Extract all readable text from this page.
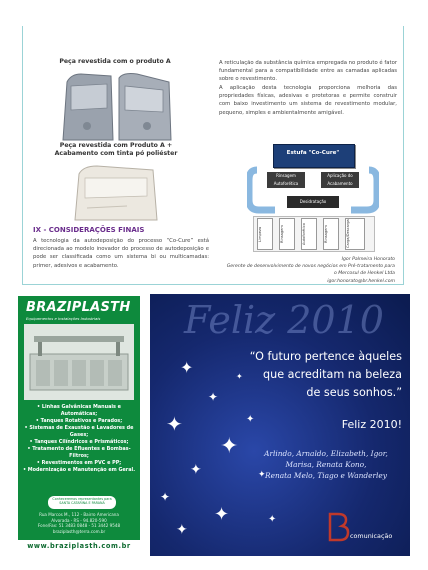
Peça revestida com o produto A
Peça revestida com Produto A + Acabamento com tinta pó poliéster
IX - CONSIDERAÇÕES FINAIS
A tecnologia da autodeposição do processo “Co-Cure” está direcionada ao modelo inovador do processo de autodeposição e pode ser classificada como um sistema bi ou multicamadas: primer, adesivos e acabamento.
A reticulação da substância química empregada no produto é fator fundamental para a compatibilidade entre as camadas aplicadas sobre o revestimento.
A aplicação desta tecnologia proporciona melhoria das propriedades físicas, adesivas e protetoras e permite construir com baixo investimento um sistema de revestimento modular, pequeno, simples e ambientalmente amigável.
Estufa "Co-Cure"
Rinsagem Autoforética
Aplicação do Acabamento
Desidratação
Limpeza	Rinsagem	Autoforético	Rinsagem	Carga/Descarga
Igor Palmeira Honorato
Gerente de desenvolvimento de novos negócios em Pré-tratamento para
o Mercosul de Henkel Ltda
igor.honorato@br.henkel.com
BRAZIPLASTH
Equipamentos e Instalações Industriais
• Linhas Galvânicas Manuais e Automáticas;
• Tanques Rotativos e Parados;
• Sistemas de Exaustão e Lavadores de Gases;
• Tanques Cilíndricos e Prismáticos;
• Tratamento de Efluentes e Bombas-Filtros;
• Revestimentos em PVC e PP;
• Modernização e Manutenção em Geral.
Conheceremos representantes para SANTA CATARINA E PARANÁ
Rua Marcos M., 112 - Bairro Americana
Alvorada - RS - 94.820-590
Fone/Fax: 51 3483 0848 - 51 3442 9548
braziplasth@terra.com.br
www.braziplasth.com.br
Feliz 2010
✦
✦
✦
✦
✦
✦
✦
✦
✦
✦
✦
✦
“O futuro pertence àqueles
que acreditam na beleza
de seus sonhos.”
Feliz 2010!
Arlindo, Arnaldo, Elizabeth, Igor,
Marisa, Renata Kono,
Renata Melo, Tiago e Wanderley
comunicação
